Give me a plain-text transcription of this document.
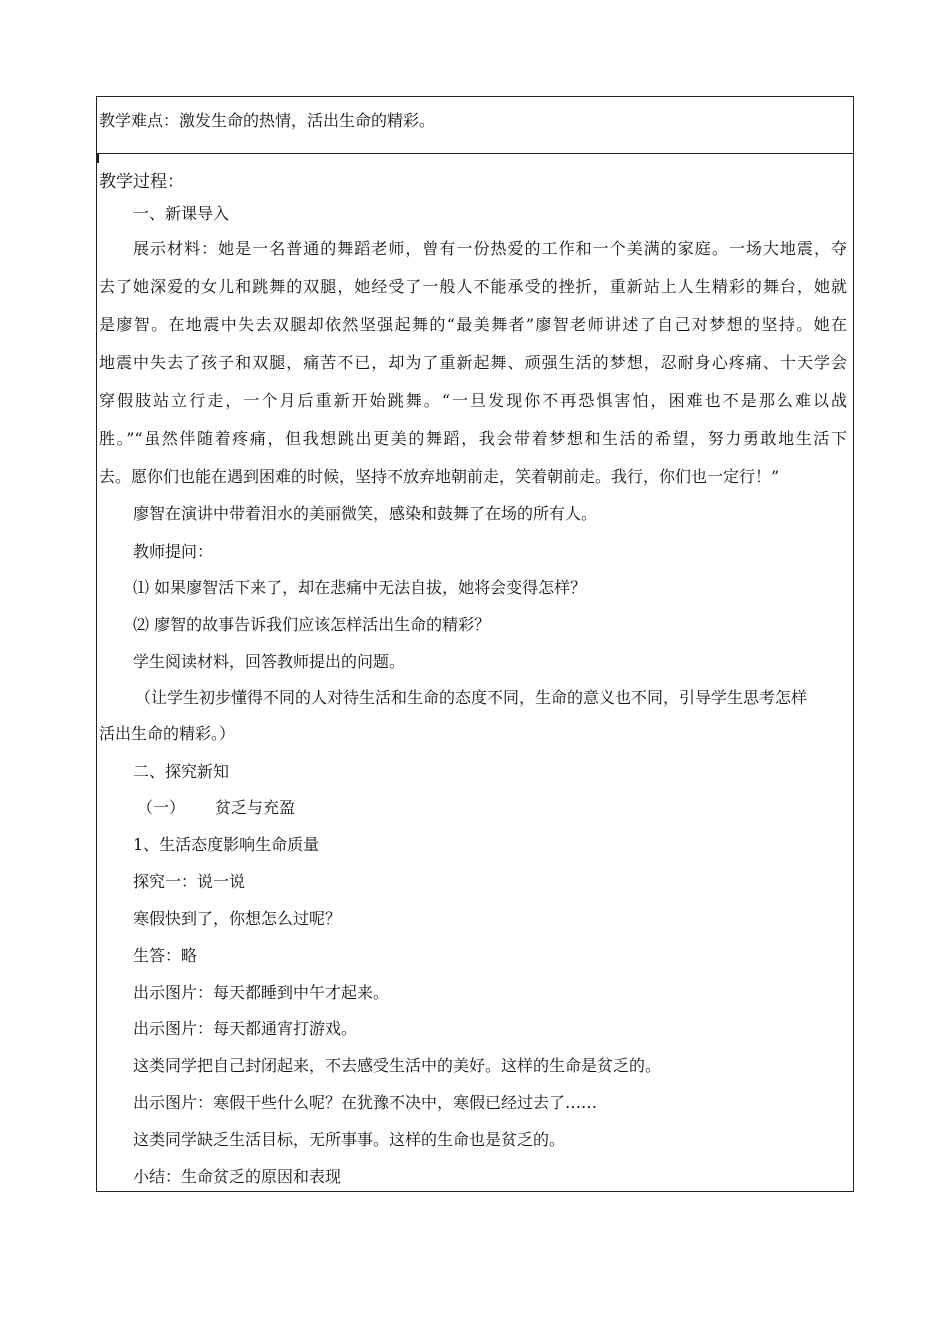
教学难点：激发生命的热情，活出生命的精彩。
教学过程：
一、新课导入
展示材料：她是一名普通的舞蹈老师，曾有一份热爱的工作和一个美满的家庭。一场大地震，夺
去了她深爱的女儿和跳舞的双腿，她经受了一般人不能承受的挫折，重新站上人生精彩的舞台，她就
是廖智。在地震中失去双腿却依然坚强起舞的“最美舞者”廖智老师讲述了自己对梦想的坚持。她在
地震中失去了孩子和双腿，痛苦不已，却为了重新起舞、顽强生活的梦想，忍耐身心疼痛、十天学会
穿假肢站立行走，一个月后重新开始跳舞。“一旦发现你不再恐惧害怕，困难也不是那么难以战
胜。”“虽然伴随着疼痛，但我想跳出更美的舞蹈，我会带着梦想和生活的希望，努力勇敢地生活下
去。愿你们也能在遇到困难的时候，坚持不放弃地朝前走，笑着朝前走。我行，你们也一定行！”
廖智在演讲中带着泪水的美丽微笑，感染和鼓舞了在场的所有人。
教师提问：
⑴ 如果廖智活下来了，却在悲痛中无法自拔，她将会变得怎样？
⑵ 廖智的故事告诉我们应该怎样活出生命的精彩？
学生阅读材料，回答教师提出的问题。
（让学生初步懂得不同的人对待生活和生命的态度不同，生命的意义也不同，引导学生思考怎样
活出生命的精彩。）
二、探究新知
（一） 贫乏与充盈
1、生活态度影响生命质量
探究一：说一说
寒假快到了，你想怎么过呢？
生答：略
出示图片：每天都睡到中午才起来。
出示图片：每天都通宵打游戏。
这类同学把自己封闭起来，不去感受生活中的美好。这样的生命是贫乏的。
出示图片：寒假干些什么呢？在犹豫不决中，寒假已经过去了……
这类同学缺乏生活目标，无所事事。这样的生命也是贫乏的。
小结：生命贫乏的原因和表现
